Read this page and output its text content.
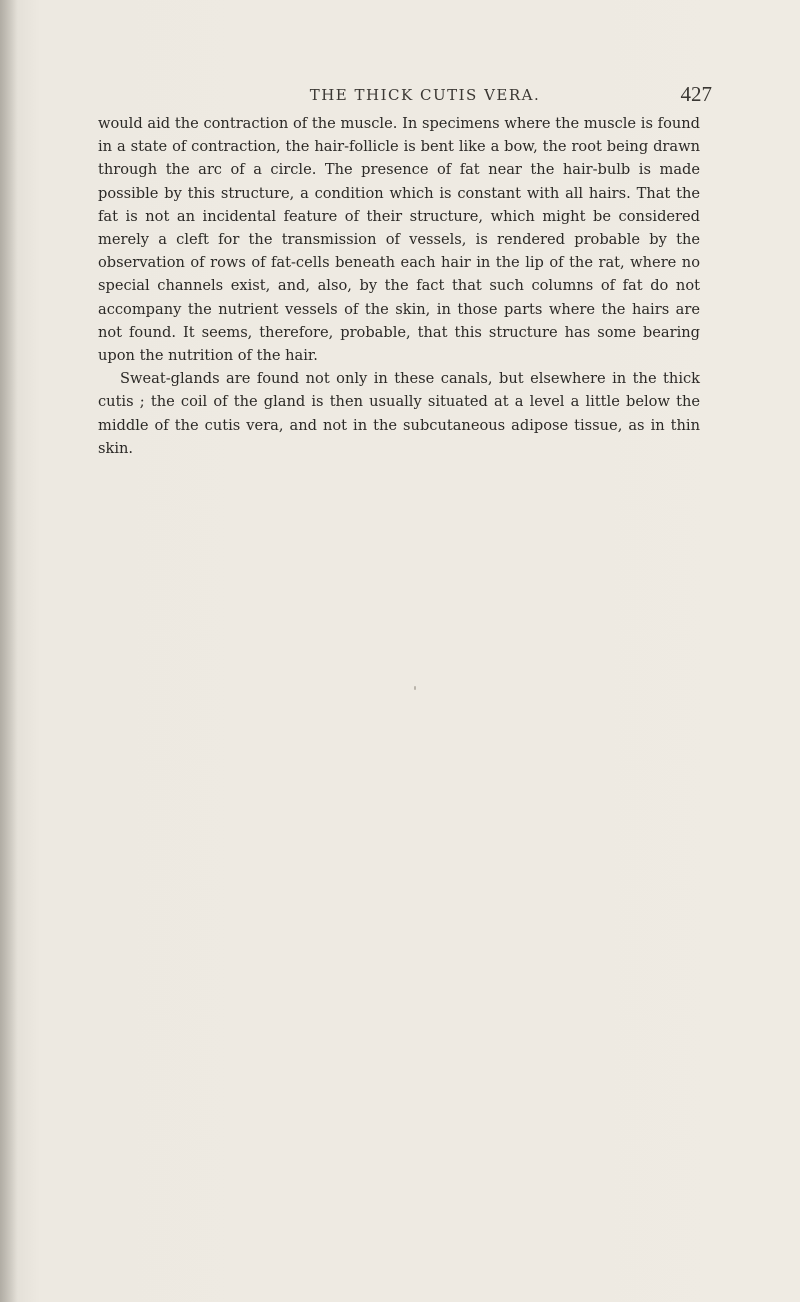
THE THICK CUTIS VERA.	427

would aid the contraction of the muscle. In specimens where the muscle is found in a state of contraction, the hair-follicle is bent like a bow, the root being drawn through the arc of a circle. The presence of fat near the hair-bulb is made possible by this structure, a condition which is constant with all hairs. That the fat is not an incidental feature of their structure, which might be considered merely a cleft for the transmission of vessels, is rendered probable by the observation of rows of fat-cells beneath each hair in the lip of the rat, where no special channels exist, and, also, by the fact that such columns of fat do not accompany the nutrient vessels of the skin, in those parts where the hairs are not found. It seems, therefore, probable, that this structure has some bearing upon the nutrition of the hair.

Sweat-glands are found not only in these canals, but elsewhere in the thick cutis ; the coil of the gland is then usually situated at a level a little below the middle of the cutis vera, and not in the subcutaneous adipose tissue, as in thin skin.
